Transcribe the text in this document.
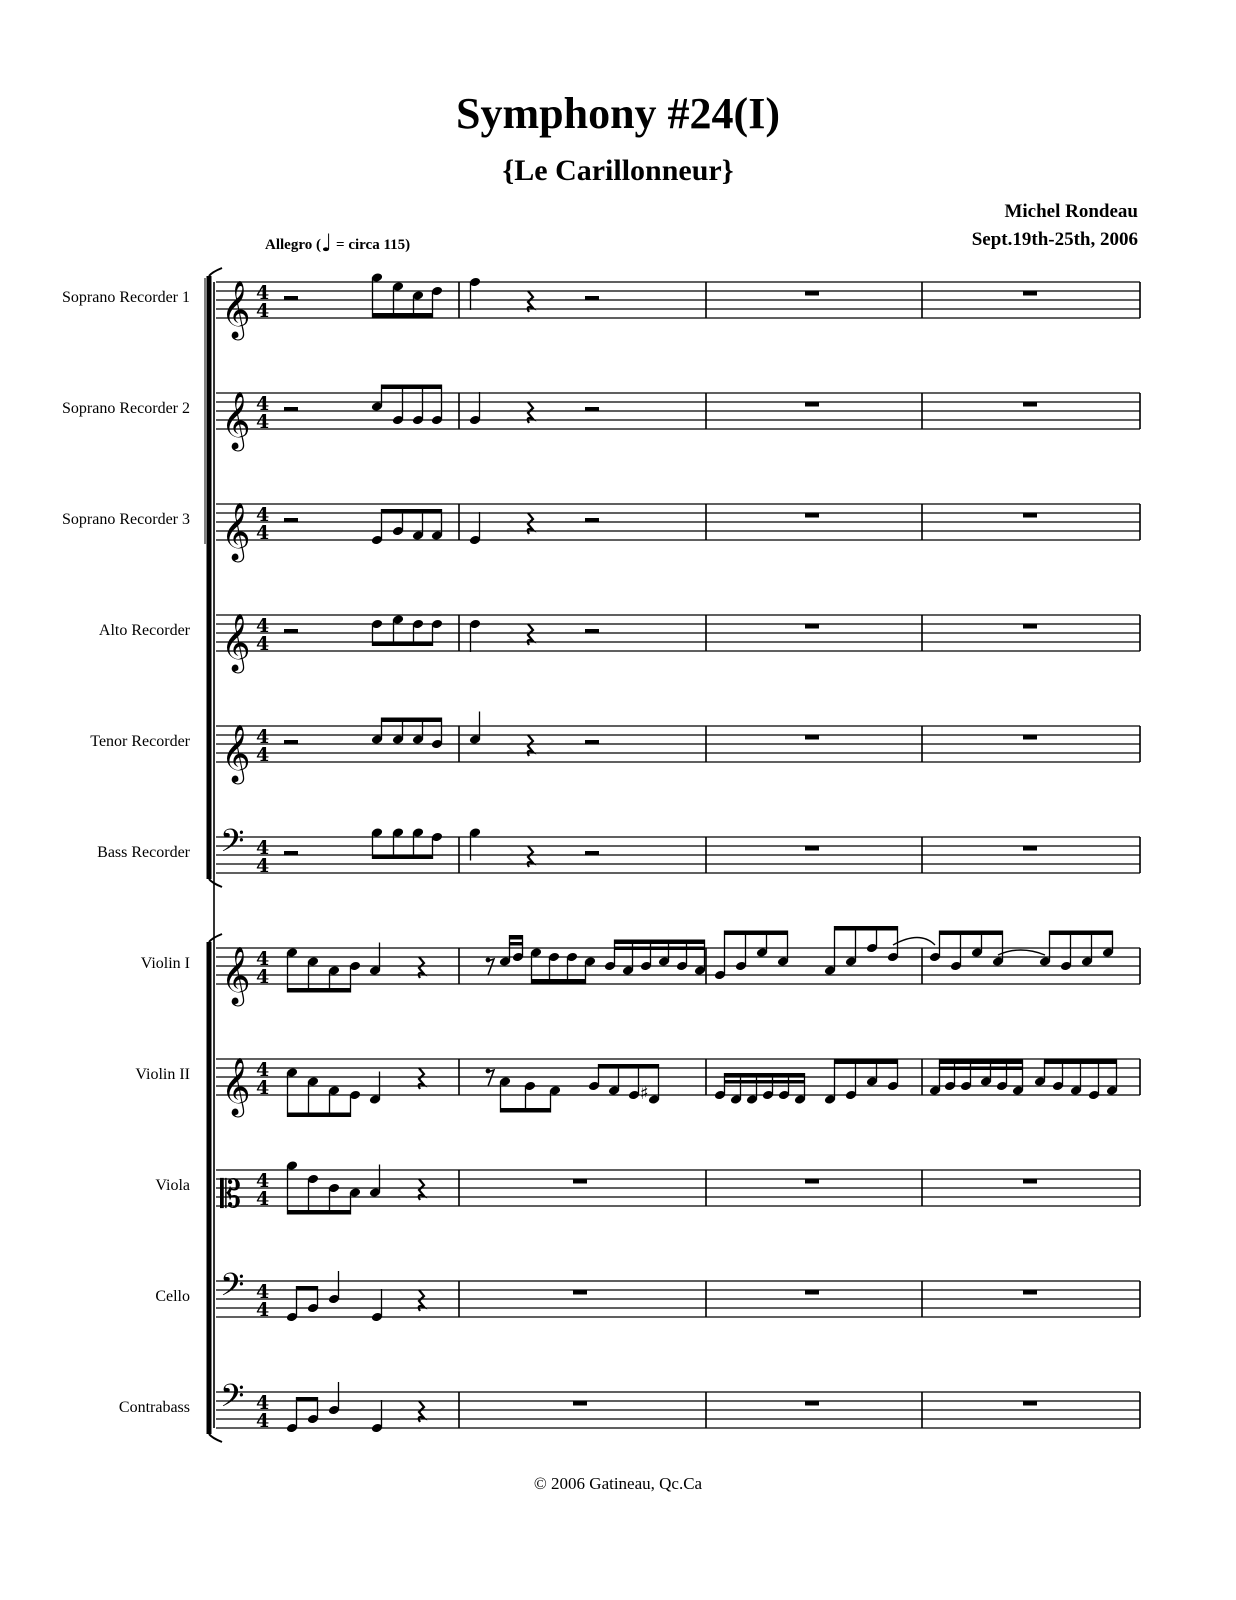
Symphony #24(I)
{Le Carillonneur}
Michel Rondeau
Sept.19th-25th, 2006
Allegro (♩ = circa 115)
Soprano Recorder 1
Soprano Recorder 2
Soprano Recorder 3
Alto Recorder
Tenor Recorder
Bass Recorder
Violin I
Violin II
Viola
Cello
Contrabass
𝄞 4
4
𝄞 4
4
𝄞 4
4
𝄞 4
4
𝄞 4
4
𝄢 4
4
𝄞 4
4
𝄞 4
4
𝄡 4
4
𝄢 4
4
𝄢 4
4
♯
© 2006 Gatineau, Qc.Ca
